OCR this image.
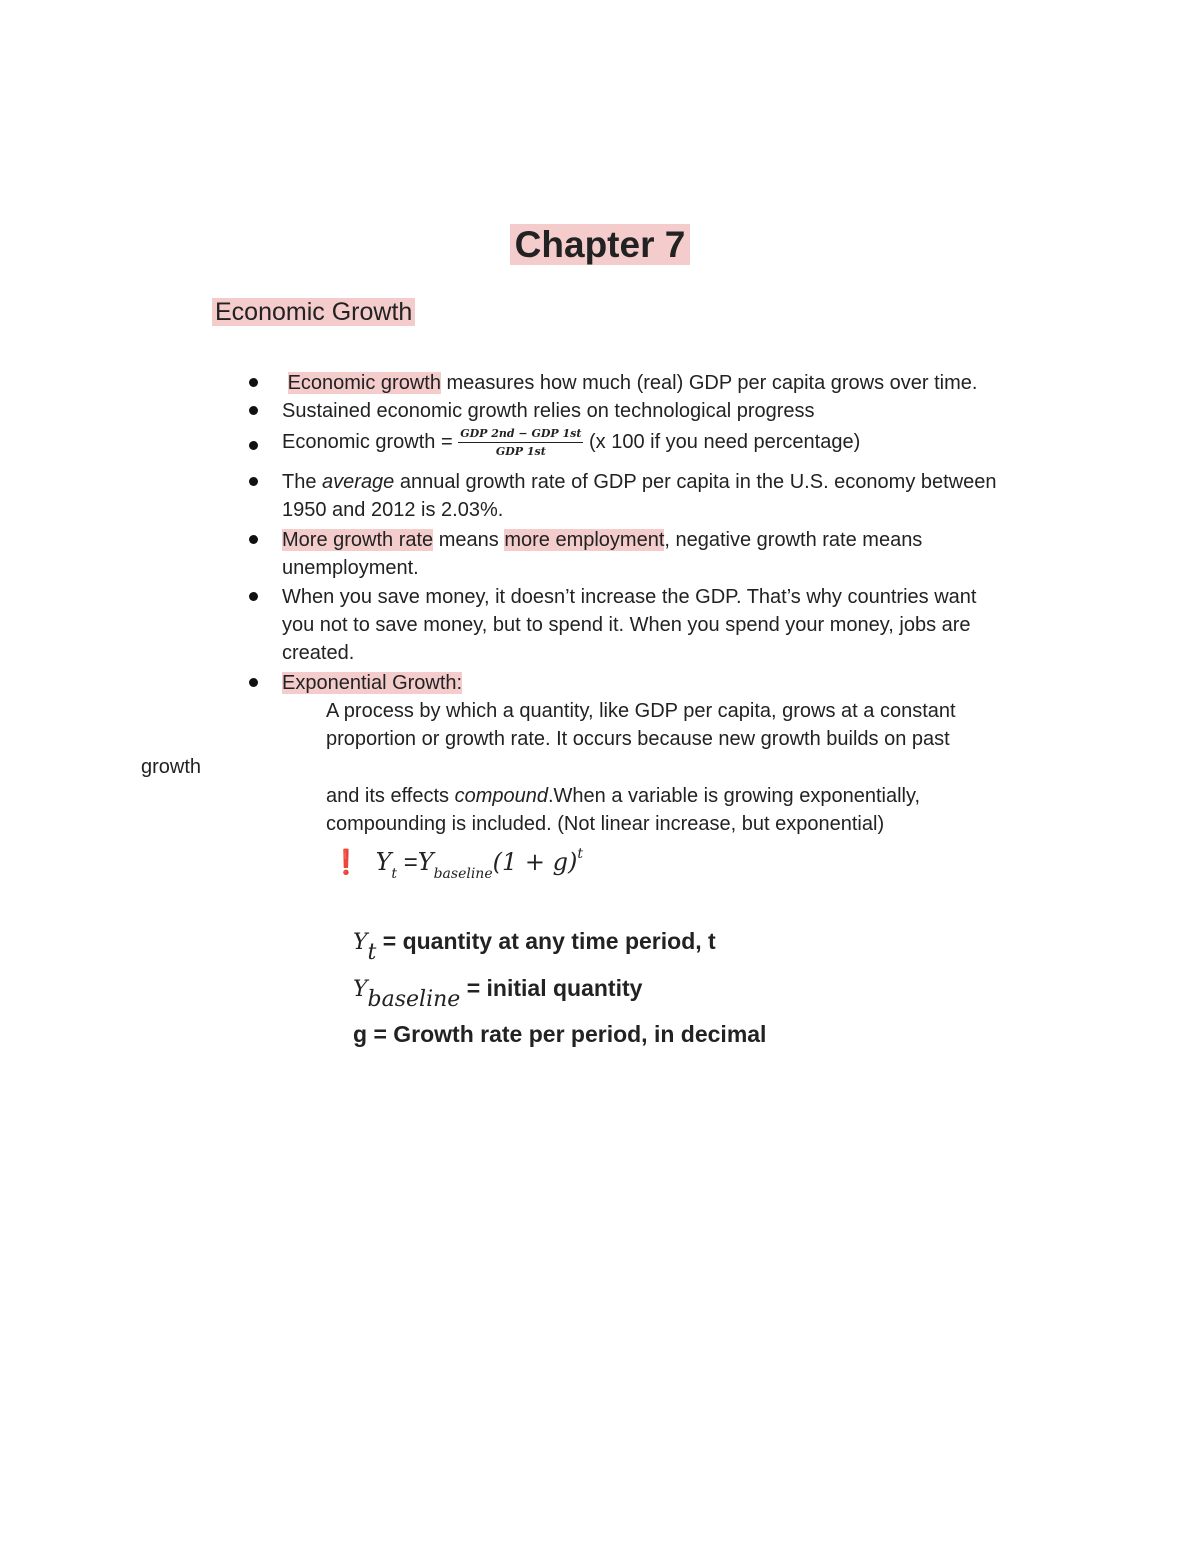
Chapter 7
Economic Growth
Economic growth measures how much (real) GDP per capita grows over time.
Sustained economic growth relies on technological progress
Economic growth = $\frac{\text{GDP 2nd − GDP 1st}}{\text{GDP 1st}} (x$ 100 if you need percentage)
The average annual growth rate of GDP per capita in the U.S. economy between
1950 and 2012 is 2.03%.
More growth rate means more employment, negative growth rate means
unemployment.
When you save money, it doesn’t increase the GDP. That’s why countries want
you not to save money, but to spend it. When you spend your money, jobs are
created.
Exponential Growth:
A process by which a quantity, like GDP per capita, grows at a constant
proportion or growth rate. It occurs because new growth builds on past
growth
and its effects compound.When a variable is growing exponentially,
compounding is included. (Not linear increase, but exponential)
❗ $Y_t =Y_{baseline}(1 + g)^t$
$Y_t$ = quantity at any time period, t
$Y_{baseline}$ = initial quantity
g = Growth rate per period, in decimal
